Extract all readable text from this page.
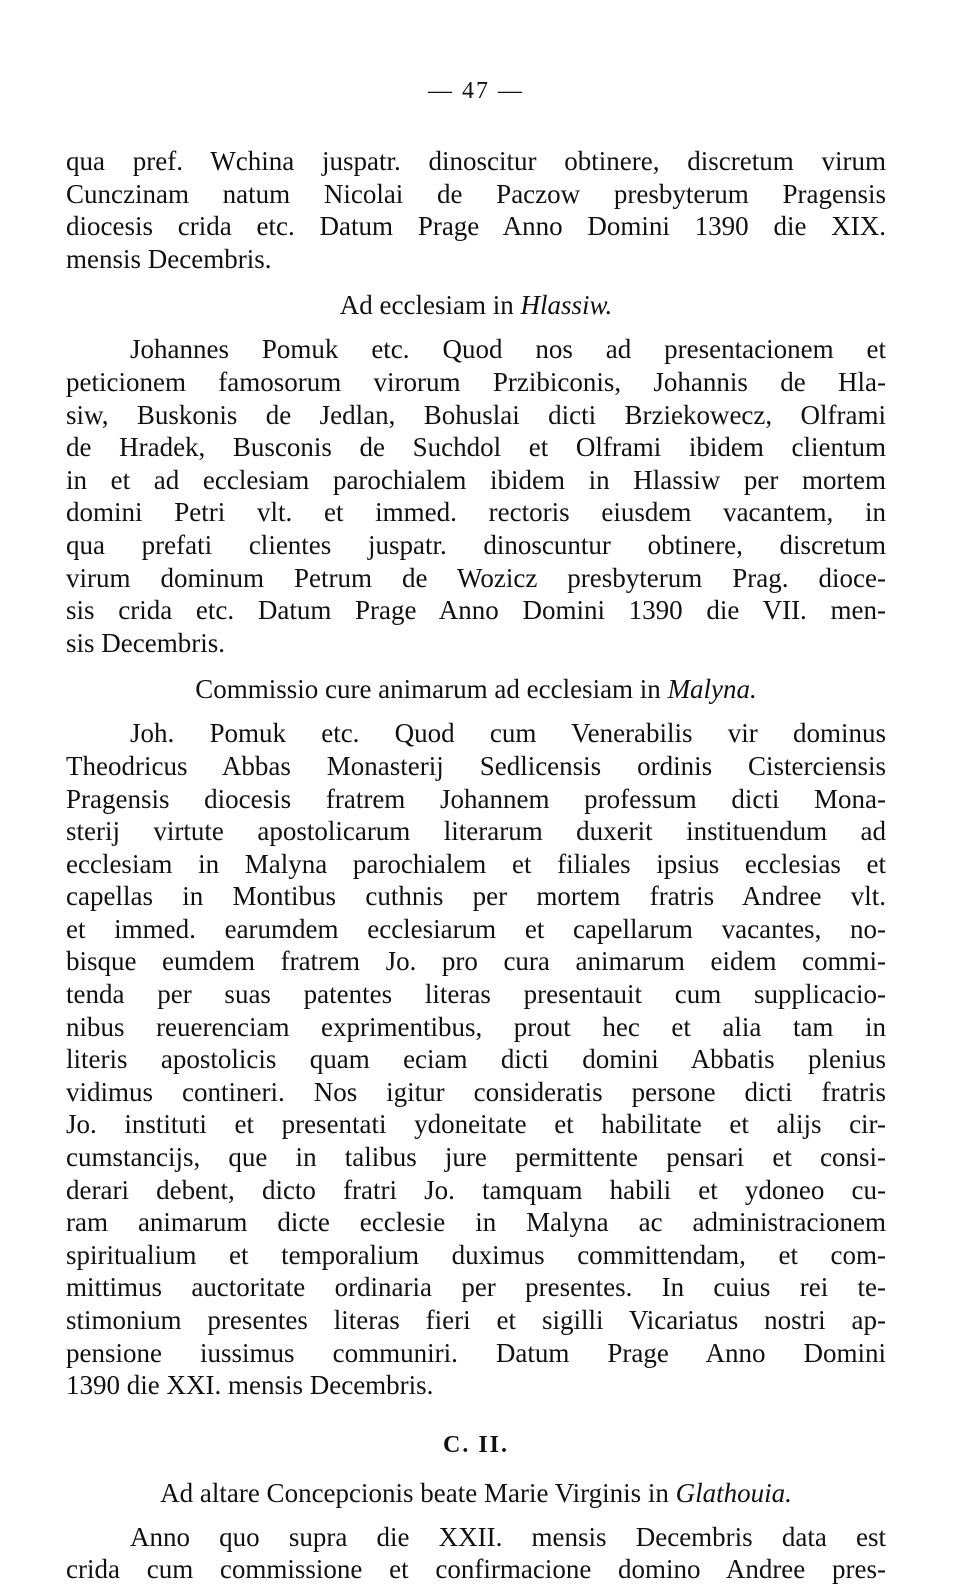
— 47 —
qua pref. Wchina juspatr. dinoscitur obtinere, discretum virum
Cunczinam natum Nicolai de Paczow presbyterum Pragensis
diocesis crida etc. Datum Prage Anno Domini 1390 die XIX.
mensis Decembris.
Ad ecclesiam in Hlassiw.
Johannes Pomuk etc. Quod nos ad presentacionem et
peticionem famosorum virorum Przibiconis, Johannis de Hla-
siw, Buskonis de Jedlan, Bohuslai dicti Brziekowecz, Olframi
de Hradek, Busconis de Suchdol et Olframi ibidem clientum
in et ad ecclesiam parochialem ibidem in Hlassiw per mortem
domini Petri vlt. et immed. rectoris eiusdem vacantem, in
qua prefati clientes juspatr. dinoscuntur obtinere, discretum
virum dominum Petrum de Wozicz presbyterum Prag. dioce-
sis crida etc. Datum Prage Anno Domini 1390 die VII. men-
sis Decembris.
Commissio cure animarum ad ecclesiam in Malyna.
Joh. Pomuk etc. Quod cum Venerabilis vir dominus
Theodricus Abbas Monasterij Sedlicensis ordinis Cisterciensis
Pragensis diocesis fratrem Johannem professum dicti Mona-
sterij virtute apostolicarum literarum duxerit instituendum ad
ecclesiam in Malyna parochialem et filiales ipsius ecclesias et
capellas in Montibus cuthnis per mortem fratris Andree vlt.
et immed. earumdem ecclesiarum et capellarum vacantes, no-
bisque eumdem fratrem Jo. pro cura animarum eidem commi-
tenda per suas patentes literas presentauit cum supplicacio-
nibus reuerenciam exprimentibus, prout hec et alia tam in
literis apostolicis quam eciam dicti domini Abbatis plenius
vidimus contineri. Nos igitur consideratis persone dicti fratris
Jo. instituti et presentati ydoneitate et habilitate et alijs cir-
cumstancijs, que in talibus jure permittente pensari et consi-
derari debent, dicto fratri Jo. tamquam habili et ydoneo cu-
ram animarum dicte ecclesie in Malyna ac administracionem
spiritualium et temporalium duximus committendam, et com-
mittimus auctoritate ordinaria per presentes. In cuius rei te-
stimonium presentes literas fieri et sigilli Vicariatus nostri ap-
pensione iussimus communiri. Datum Prage Anno Domini
1390 die XXI. mensis Decembris.
C. II.
Ad altare Concepcionis beate Marie Virginis in Glathouia.
Anno quo supra die XXII. mensis Decembris data est
crida cum commissione et confirmacione domino Andree pres-
